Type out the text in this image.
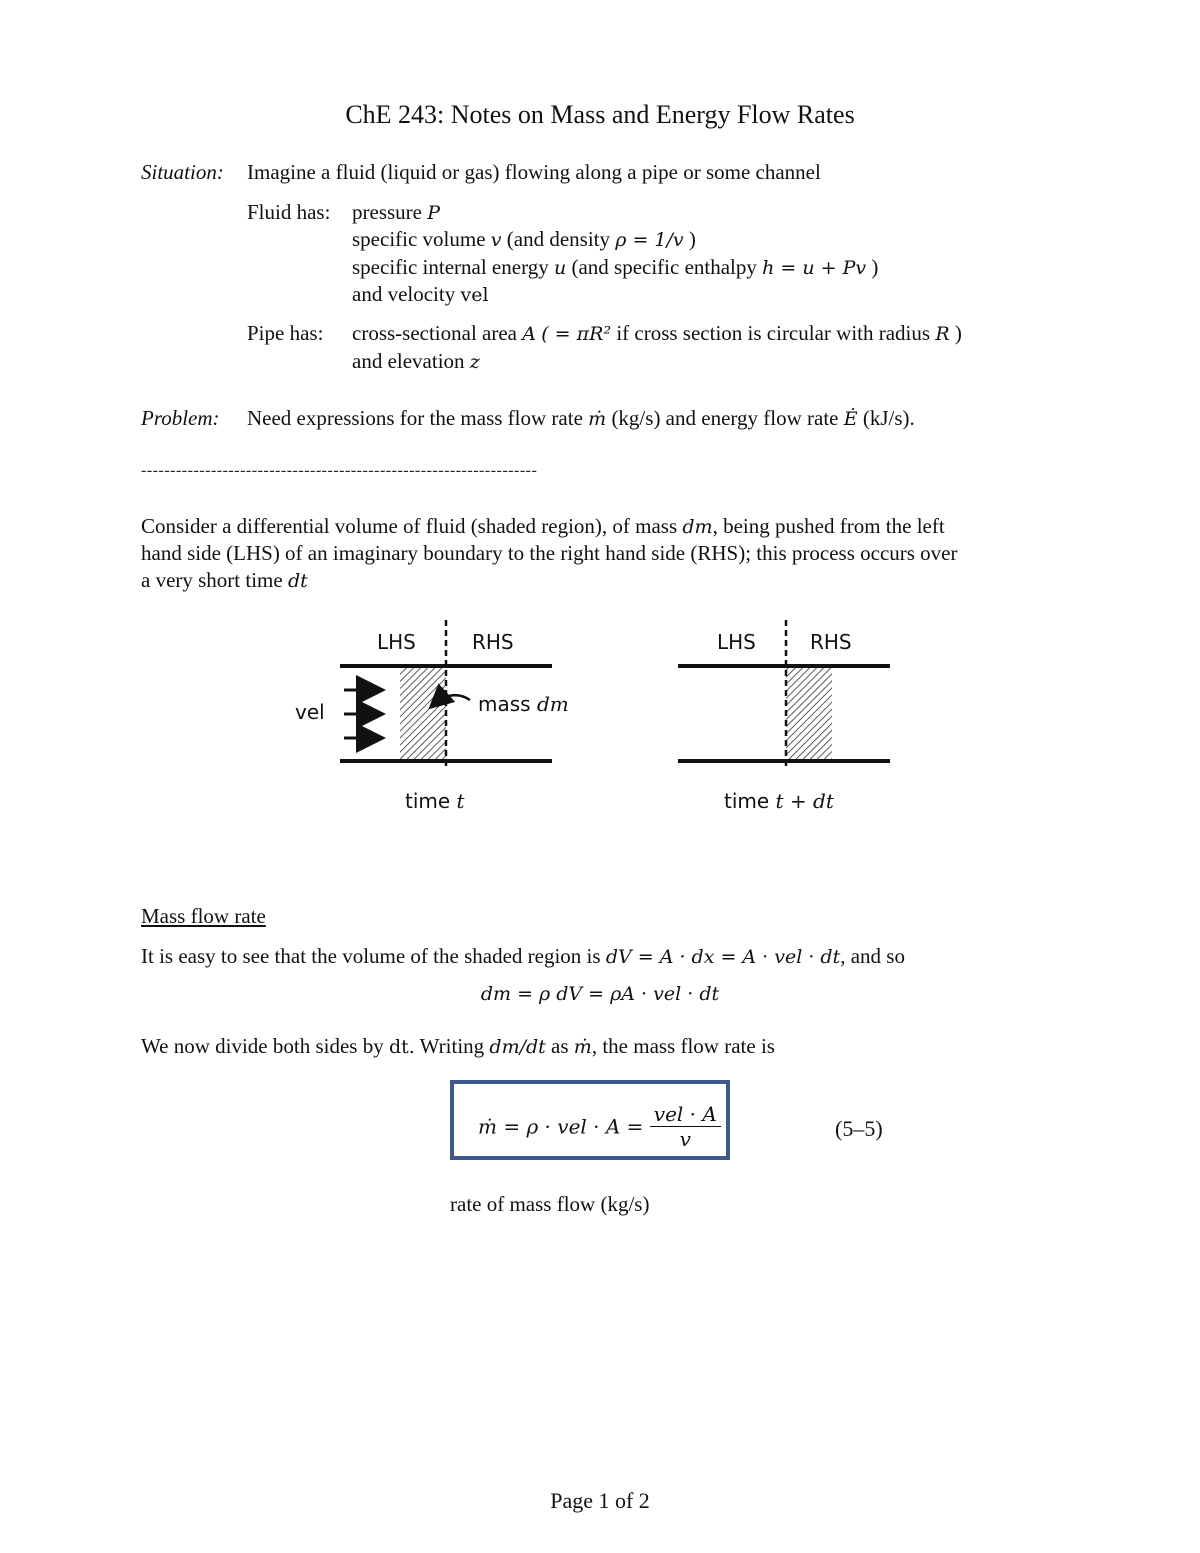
ChE 243: Notes on Mass and Energy Flow Rates
Situation: Imagine a fluid (liquid or gas) flowing along a pipe or some channel
Fluid has: pressure P
specific volume v (and density ρ = 1/v )
specific internal energy u (and specific enthalpy h = u + Pv )
and velocity vel
Pipe has: cross-sectional area A ( = πR² if cross section is circular with radius R )
and elevation z
Problem: Need expressions for the mass flow rate ṁ (kg/s) and energy flow rate Ė (kJ/s).
--------------------------------------------------------------------
Consider a differential volume of fluid (shaded region), of mass dm, being pushed from the left
hand side (LHS) of an imaginary boundary to the right hand side (RHS); this process occurs over
a very short time dt
LHS	RHS	LHS	RHS
vel	mass dm
time t	time t + dt
Mass flow rate
It is easy to see that the volume of the shaded region is dV = A · dx = A · vel · dt, and so
dm = ρ dV = ρA · vel · dt
We now divide both sides by dt. Writing dm/dt as ṁ, the mass flow rate is
ṁ = ρ · vel · $A = \frac{\text{vel · A}}{v}$	(5–5)
rate of mass flow (kg/s)
Page 1 of 2
